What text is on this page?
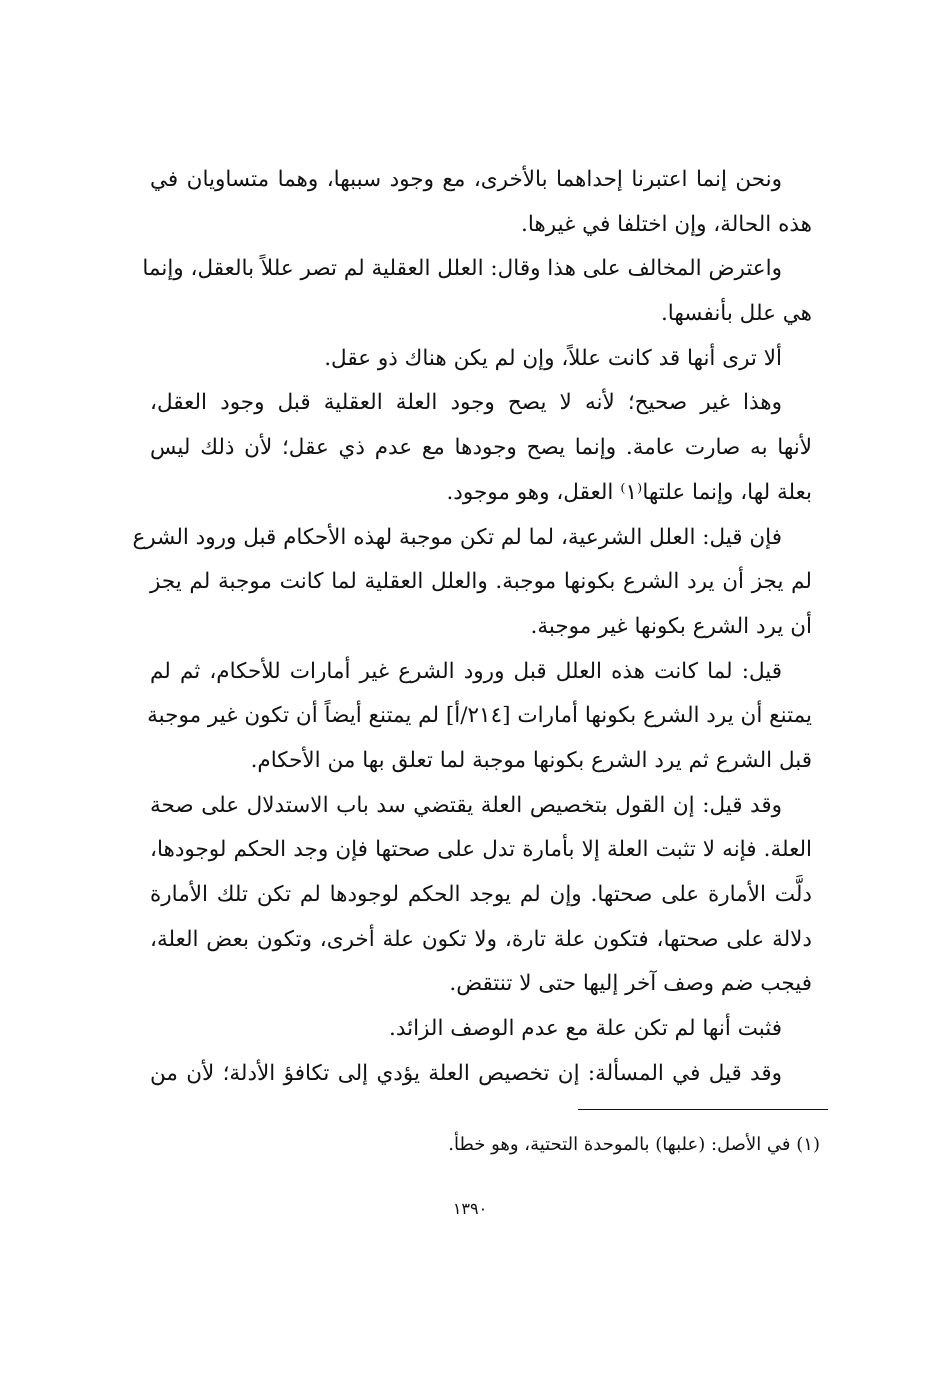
ونحن إنما اعتبرنا إحداهما بالأخرى، مع وجود سببها، وهما متساويان في
هذه الحالة، وإن اختلفا في غيرها.
واعترض المخالف على هذا وقال: العلل العقلية لم تصر عللاً بالعقل، وإنما
هي علل بأنفسها.
ألا ترى أنها قد كانت عللاً، وإن لم يكن هناك ذو عقل.
وهذا غير صحيح؛ لأنه لا يصح وجود العلة العقلية قبل وجود العقل،
لأنها به صارت عامة. وإنما يصح وجودها مع عدم ذي عقل؛ لأن ذلك ليس
بعلة لها، وإنما علتها⁽١⁾ العقل، وهو موجود.
فإن قيل: العلل الشرعية، لما لم تكن موجبة لهذه الأحكام قبل ورود الشرع
لم يجز أن يرد الشرع بكونها موجبة. والعلل العقلية لما كانت موجبة لم يجز
أن يرد الشرع بكونها غير موجبة.
قيل: لما كانت هذه العلل قبل ورود الشرع غير أمارات للأحكام، ثم لم
يمتنع أن يرد الشرع بكونها أمارات [٢١٤/أ] لم يمتنع أيضاً أن تكون غير موجبة
قبل الشرع ثم يرد الشرع بكونها موجبة لما تعلق بها من الأحكام.
وقد قيل: إن القول بتخصيص العلة يقتضي سد باب الاستدلال على صحة
العلة. فإنه لا تثبت العلة إلا بأمارة تدل على صحتها فإن وجد الحكم لوجودها،
دلَّت الأمارة على صحتها. وإن لم يوجد الحكم لوجودها لم تكن تلك الأمارة
دلالة على صحتها، فتكون علة تارة، ولا تكون علة أخرى، وتكون بعض العلة،
فيجب ضم وصف آخر إليها حتى لا تنتقض.
فثبت أنها لم تكن علة مع عدم الوصف الزائد.
وقد قيل في المسألة: إن تخصيص العلة يؤدي إلى تكافؤ الأدلة؛ لأن من
(١) في الأصل: (علبها) بالموحدة التحتية، وهو خطأ.
١٣٩٠
